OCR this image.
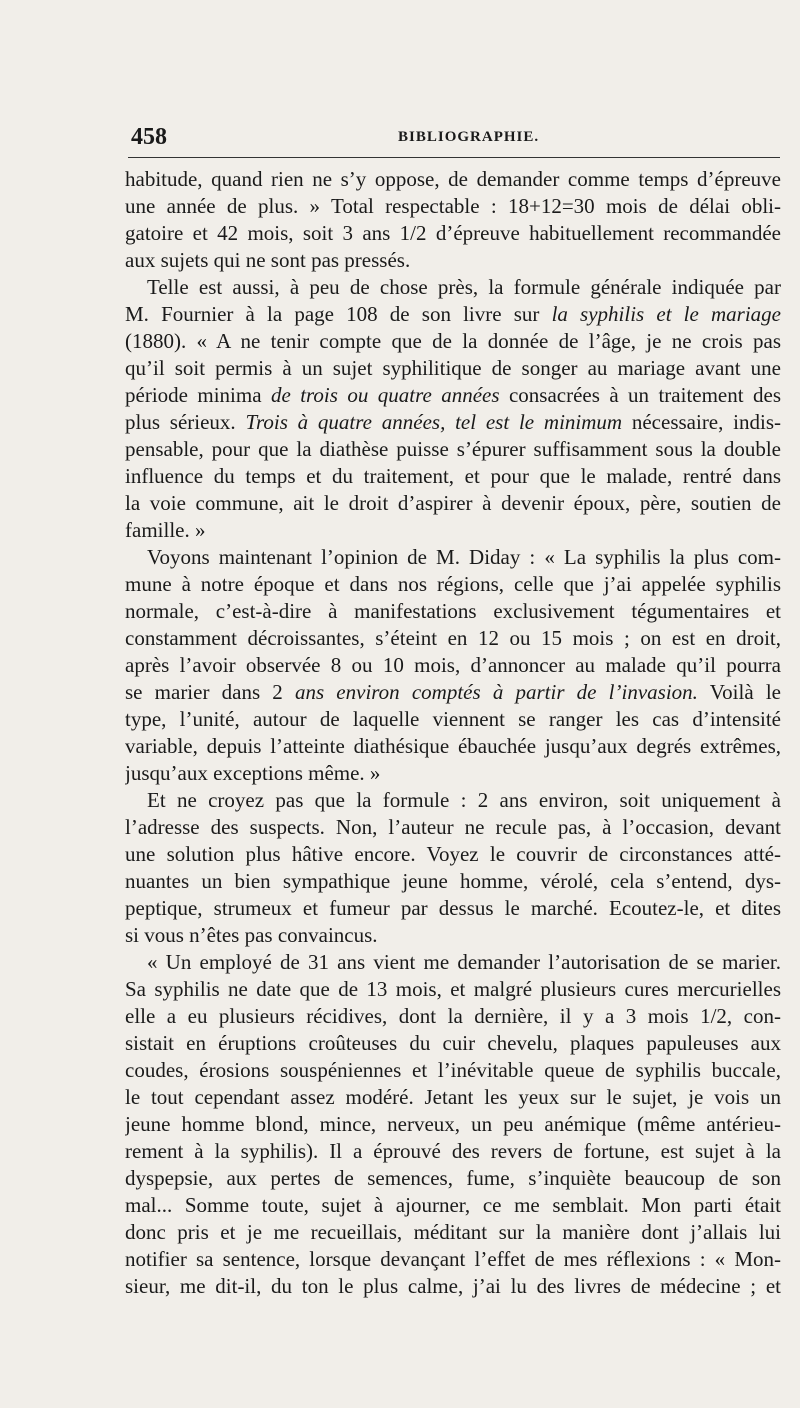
458	BIBLIOGRAPHIE.
habitude, quand rien ne s’y oppose, de demander comme temps d’épreuve
une année de plus. » Total respectable : 18+12=30 mois de délai obli-
gatoire et 42 mois, soit 3 ans 1/2 d’épreuve habituellement recommandée
aux sujets qui ne sont pas pressés.
Telle est aussi, à peu de chose près, la formule générale indiquée par
M. Fournier à la page 108 de son livre sur la syphilis et le mariage
(1880). « A ne tenir compte que de la donnée de l’âge, je ne crois pas
qu’il soit permis à un sujet syphilitique de songer au mariage avant une
période minima de trois ou quatre années consacrées à un traitement des
plus sérieux. Trois à quatre années, tel est le minimum nécessaire, indis-
pensable, pour que la diathèse puisse s’épurer suffisamment sous la double
influence du temps et du traitement, et pour que le malade, rentré dans
la voie commune, ait le droit d’aspirer à devenir époux, père, soutien de
famille. »
Voyons maintenant l’opinion de M. Diday : « La syphilis la plus com-
mune à notre époque et dans nos régions, celle que j’ai appelée syphilis
normale, c’est-à-dire à manifestations exclusivement tégumentaires et
constamment décroissantes, s’éteint en 12 ou 15 mois ; on est en droit,
après l’avoir observée 8 ou 10 mois, d’annoncer au malade qu’il pourra
se marier dans 2 ans environ comptés à partir de l’invasion. Voilà le
type, l’unité, autour de laquelle viennent se ranger les cas d’intensité
variable, depuis l’atteinte diathésique ébauchée jusqu’aux degrés extrêmes,
jusqu’aux exceptions même. »
Et ne croyez pas que la formule : 2 ans environ, soit uniquement à
l’adresse des suspects. Non, l’auteur ne recule pas, à l’occasion, devant
une solution plus hâtive encore. Voyez le couvrir de circonstances atté-
nuantes un bien sympathique jeune homme, vérolé, cela s’entend, dys-
peptique, strumeux et fumeur par dessus le marché. Ecoutez-le, et dites
si vous n’êtes pas convaincus.
« Un employé de 31 ans vient me demander l’autorisation de se marier.
Sa syphilis ne date que de 13 mois, et malgré plusieurs cures mercurielles
elle a eu plusieurs récidives, dont la dernière, il y a 3 mois 1/2, con-
sistait en éruptions croûteuses du cuir chevelu, plaques papuleuses aux
coudes, érosions souspéniennes et l’inévitable queue de syphilis buccale,
le tout cependant assez modéré. Jetant les yeux sur le sujet, je vois un
jeune homme blond, mince, nerveux, un peu anémique (même antérieu-
rement à la syphilis). Il a éprouvé des revers de fortune, est sujet à la
dyspepsie, aux pertes de semences, fume, s’inquiète beaucoup de son
mal... Somme toute, sujet à ajourner, ce me semblait. Mon parti était
donc pris et je me recueillais, méditant sur la manière dont j’allais lui
notifier sa sentence, lorsque devançant l’effet de mes réflexions : « Mon-
sieur, me dit-il, du ton le plus calme, j’ai lu des livres de médecine ; et
